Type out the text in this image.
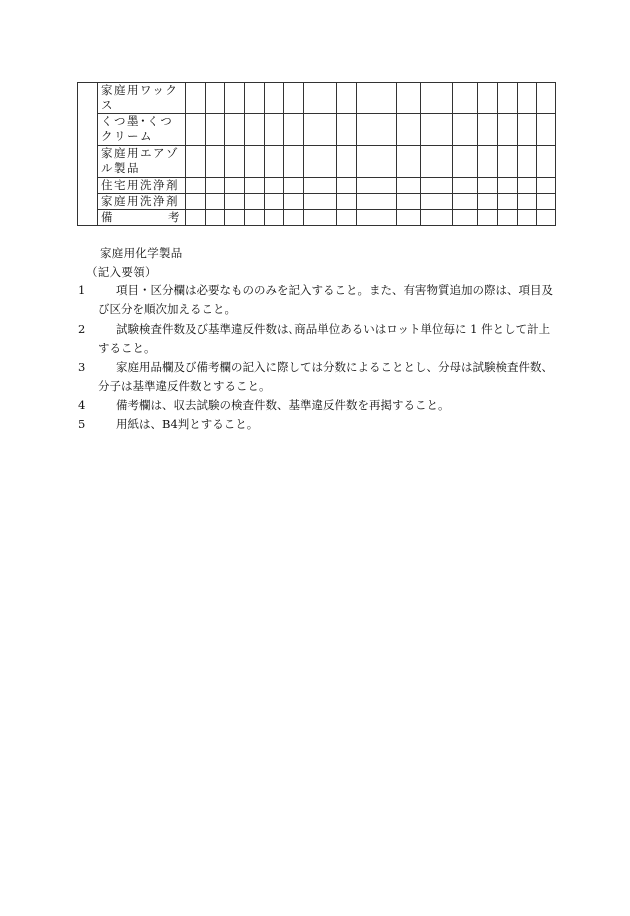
	家庭用ワックス																
	くつ墨･くつクリーム																
	家庭用エアゾル製品																
	住宅用洗浄剤																
	家庭用洗浄剤																

	備 考																

家庭用化学製品
（記入要領）
1	項目・区分欄は必要なもののみを記入すること。また、有害物質追加の際は、項目及び区分を順次加えること。
2	試験検査件数及び基準違反件数は､商品単位あるいはロット単位毎に 1 件として計上すること。
3	家庭用品欄及び備考欄の記入に際しては分数によることとし、分母は試験検査件数、分子は基準違反件数とすること。
4	備考欄は、収去試験の検査件数、基準違反件数を再掲すること。
5	用紙は、B4判とすること。
